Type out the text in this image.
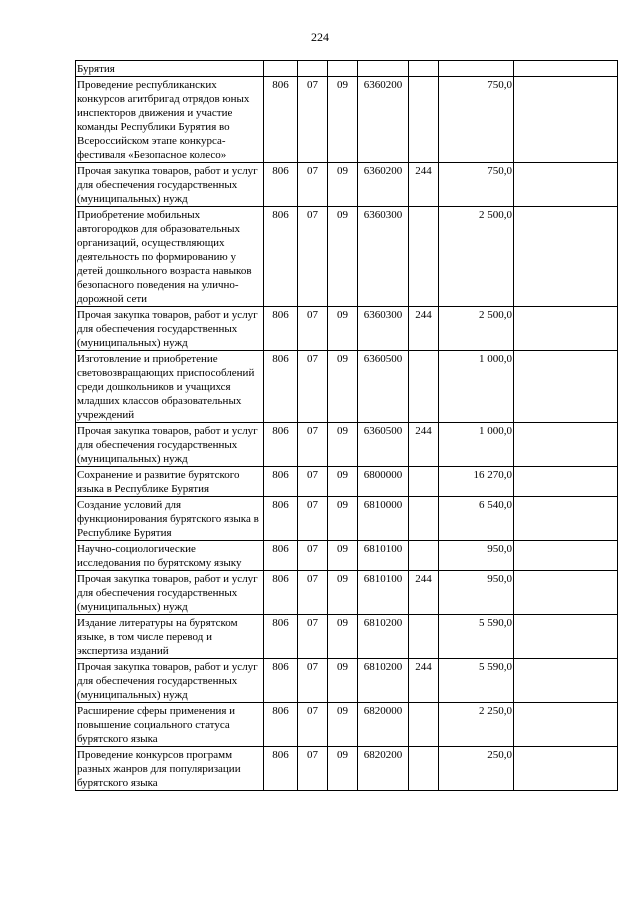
224
Бурятия							
Проведение республиканских конкурсов агитбригад отрядов юных инспекторов движения и участие команды Республики Бурятия во Всероссийском этапе конкурса-фестиваля «Безопасное колесо»	806	07	09	6360200		750,0	
Прочая закупка товаров, работ и услуг для обеспечения государственных (муниципальных) нужд	806	07	09	6360200	244	750,0	
Приобретение мобильных автогородков для образовательных организаций, осуществляющих деятельность по формированию у детей дошкольного возраста навыков безопасного поведения на улично-дорожной сети	806	07	09	6360300		2 500,0	
Прочая закупка товаров, работ и услуг для обеспечения государственных (муниципальных) нужд	806	07	09	6360300	244	2 500,0	
Изготовление и приобретение световозвращающих приспособлений среди дошкольников и учащихся младших классов образовательных учреждений	806	07	09	6360500		1 000,0	
Прочая закупка товаров, работ и услуг для обеспечения государственных (муниципальных) нужд	806	07	09	6360500	244	1 000,0	
Сохранение и развитие бурятского языка в Республике Бурятия	806	07	09	6800000		16 270,0	
Создание условий для функционирования бурятского языка в Республике Бурятия	806	07	09	6810000		6 540,0	
Научно-социологические исследования по бурятскому языку	806	07	09	6810100		950,0	
Прочая закупка товаров, работ и услуг для обеспечения государственных (муниципальных) нужд	806	07	09	6810100	244	950,0	
Издание литературы на бурятском языке, в том числе перевод и экспертиза изданий	806	07	09	6810200		5 590,0	
Прочая закупка товаров, работ и услуг для обеспечения государственных (муниципальных) нужд	806	07	09	6810200	244	5 590,0	
Расширение сферы применения и повышение социального статуса бурятского языка	806	07	09	6820000		2 250,0	
Проведение конкурсов программ разных жанров для популяризации бурятского языка	806	07	09	6820200		250,0	
